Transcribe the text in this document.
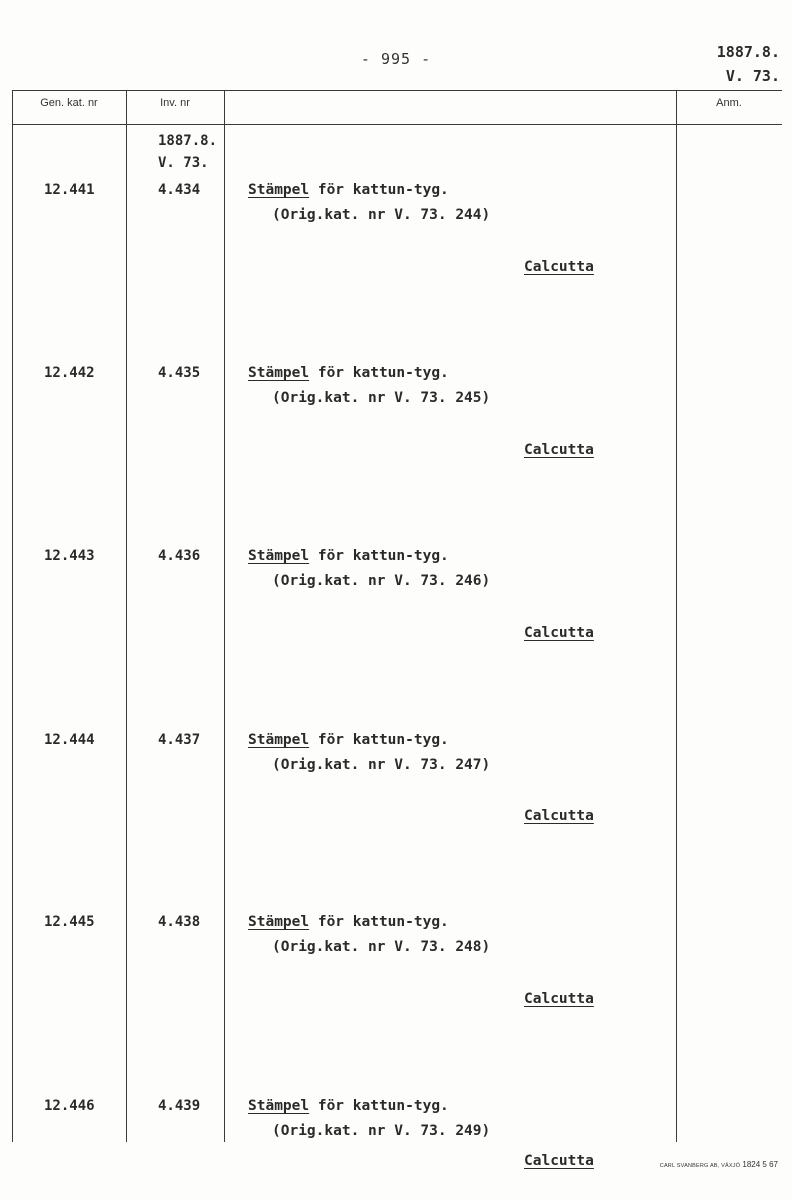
- 995 -	1887.8.
V. 73.
Gen. kat. nr	Inv. nr	Anm.
1887.8.
V. 73.
12.441	4.434	Stämpel för kattun-tyg.
(Orig.kat. nr V. 73. 244)
Calcutta
12.442	4.435	Stämpel för kattun-tyg.
(Orig.kat. nr V. 73. 245)
Calcutta
12.443	4.436	Stämpel för kattun-tyg.
(Orig.kat. nr V. 73. 246)
Calcutta
12.444	4.437	Stämpel för kattun-tyg.
(Orig.kat. nr V. 73. 247)
Calcutta
12.445	4.438	Stämpel för kattun-tyg.
(Orig.kat. nr V. 73. 248)
Calcutta
12.446	4.439	Stämpel för kattun-tyg.
(Orig.kat. nr V. 73. 249)
Calcutta	CARL SVANBERG AB, VÄXJÖ 1824 5 67
